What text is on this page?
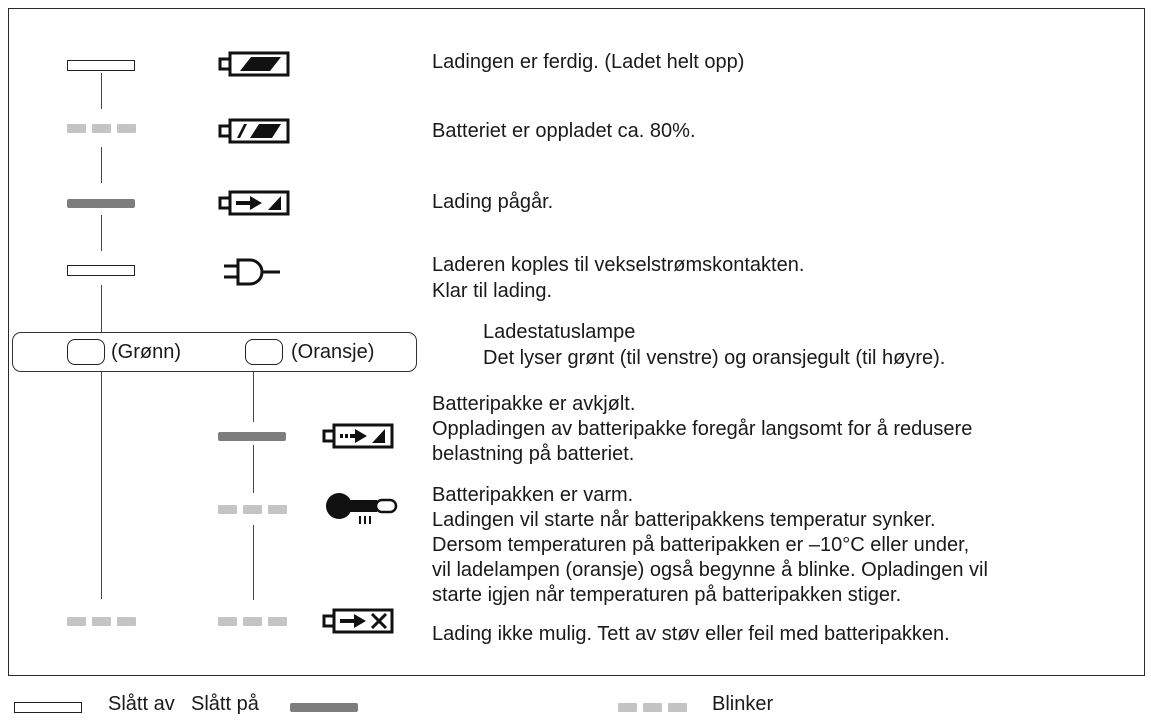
Ladingen er ferdig. (Ladet helt opp)
Batteriet er oppladet ca. 80%.
Lading pågår.
Laderen koples til vekselstrømskontakten.
Klar til lading.
(Grønn)	(Oransje)
Ladestatuslampe
Det lyser grønt (til venstre) og oransjegult (til høyre).
Batteripakke er avkjølt.
Oppladingen av batteripakke foregår langsomt for å redusere
belastning på batteriet.
Batteripakken er varm.
Ladingen vil starte når batteripakkens temperatur synker.
Dersom temperaturen på batteripakken er –10°C eller under,
vil ladelampen (oransje) også begynne å blinke. Opladingen vil
starte igjen når temperaturen på batteripakken stiger.
Lading ikke mulig. Tett av støv eller feil med batteripakken.
Slått av Slått på	Blinker
